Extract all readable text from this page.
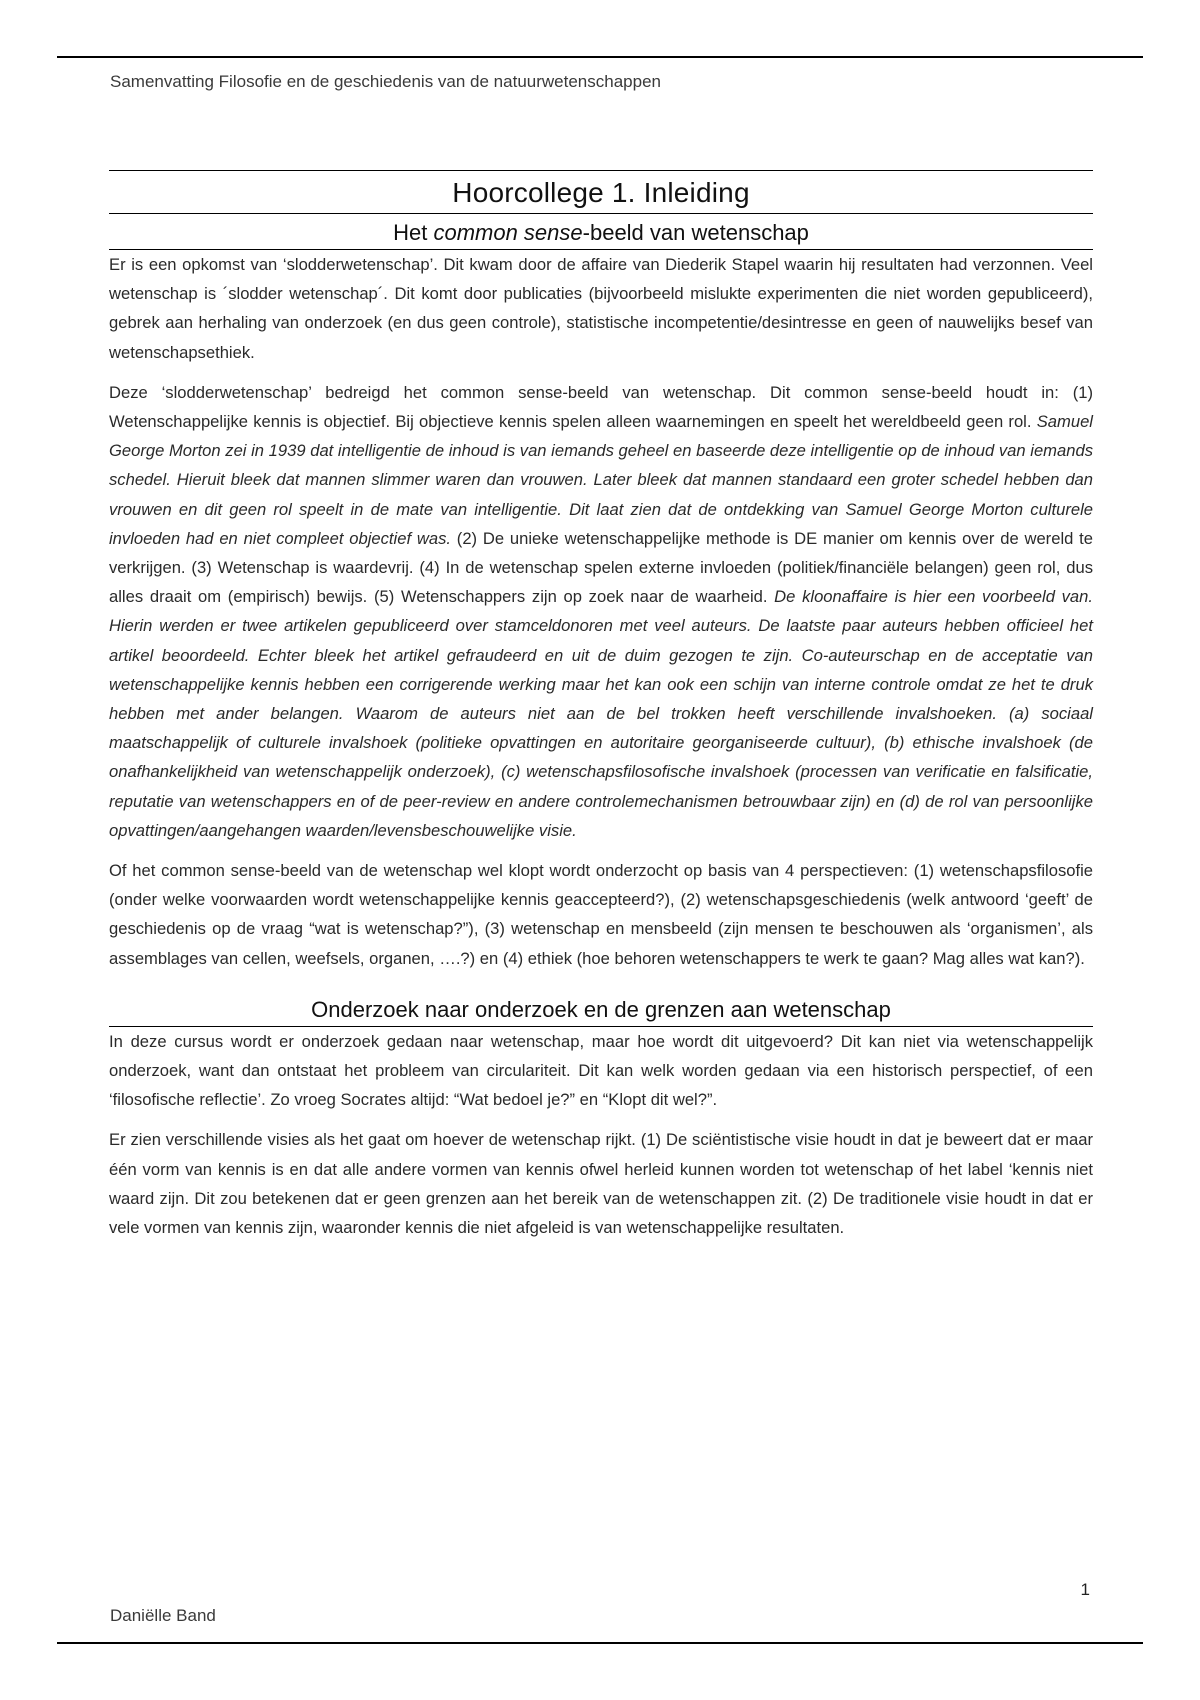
Samenvatting Filosofie en de geschiedenis van de natuurwetenschappen
Hoorcollege 1. Inleiding
Het common sense-beeld van wetenschap

Er is een opkomst van ‘slodderwetenschap’. Dit kwam door de affaire van Diederik Stapel waarin hij resultaten had verzonnen. Veel wetenschap is ´slodder wetenschap´. Dit komt door publicaties (bijvoorbeeld mislukte experimenten die niet worden gepubliceerd), gebrek aan herhaling van onderzoek (en dus geen controle), statistische incompetentie/desintresse en geen of nauwelijks besef van wetenschapsethiek.

Deze ‘slodderwetenschap’ bedreigd het common sense-beeld van wetenschap. Dit common sense-beeld houdt in: (1) Wetenschappelijke kennis is objectief. Bij objectieve kennis spelen alleen waarnemingen en speelt het wereldbeeld geen rol. Samuel George Morton zei in 1939 dat intelligentie de inhoud is van iemands geheel en baseerde deze intelligentie op de inhoud van iemands schedel. Hieruit bleek dat mannen slimmer waren dan vrouwen. Later bleek dat mannen standaard een groter schedel hebben dan vrouwen en dit geen rol speelt in de mate van intelligentie. Dit laat zien dat de ontdekking van Samuel George Morton culturele invloeden had en niet compleet objectief was. (2) De unieke wetenschappelijke methode is DE manier om kennis over de wereld te verkrijgen. (3) Wetenschap is waardevrij. (4) In de wetenschap spelen externe invloeden (politiek/financiële belangen) geen rol, dus alles draait om (empirisch) bewijs. (5) Wetenschappers zijn op zoek naar de waarheid. De kloonaffaire is hier een voorbeeld van. Hierin werden er twee artikelen gepubliceerd over stamceldonoren met veel auteurs. De laatste paar auteurs hebben officieel het artikel beoordeeld. Echter bleek het artikel gefraudeerd en uit de duim gezogen te zijn. Co-auteurschap en de acceptatie van wetenschappelijke kennis hebben een corrigerende werking maar het kan ook een schijn van interne controle omdat ze het te druk hebben met ander belangen. Waarom de auteurs niet aan de bel trokken heeft verschillende invalshoeken. (a) sociaal maatschappelijk of culturele invalshoek (politieke opvattingen en autoritaire georganiseerde cultuur), (b) ethische invalshoek (de onafhankelijkheid van wetenschappelijk onderzoek), (c) wetenschapsfilosofische invalshoek (processen van verificatie en falsificatie, reputatie van wetenschappers en of de peer-review en andere controlemechanismen betrouwbaar zijn) en (d) de rol van persoonlijke opvattingen/aangehangen waarden/levensbeschouwelijke visie.

Of het common sense-beeld van de wetenschap wel klopt wordt onderzocht op basis van 4 perspectieven: (1) wetenschapsfilosofie (onder welke voorwaarden wordt wetenschappelijke kennis geaccepteerd?), (2) wetenschapsgeschiedenis (welk antwoord ‘geeft’ de geschiedenis op de vraag “wat is wetenschap?”), (3) wetenschap en mensbeeld (zijn mensen te beschouwen als ‘organismen’, als assemblages van cellen, weefsels, organen, ….?) en (4) ethiek (hoe behoren wetenschappers te werk te gaan? Mag alles wat kan?).

Onderzoek naar onderzoek en de grenzen aan wetenschap

In deze cursus wordt er onderzoek gedaan naar wetenschap, maar hoe wordt dit uitgevoerd? Dit kan niet via wetenschappelijk onderzoek, want dan ontstaat het probleem van circulariteit. Dit kan welk worden gedaan via een historisch perspectief, of een ‘filosofische reflectie’. Zo vroeg Socrates altijd: “Wat bedoel je?” en “Klopt dit wel?”.

Er zien verschillende visies als het gaat om hoever de wetenschap rijkt. (1) De sciëntistische visie houdt in dat je beweert dat er maar één vorm van kennis is en dat alle andere vormen van kennis ofwel herleid kunnen worden tot wetenschap of het label ‘kennis niet waard zijn. Dit zou betekenen dat er geen grenzen aan het bereik van de wetenschappen zit. (2) De traditionele visie houdt in dat er vele vormen van kennis zijn, waaronder kennis die niet afgeleid is van wetenschappelijke resultaten.

1
Daniëlle Band
